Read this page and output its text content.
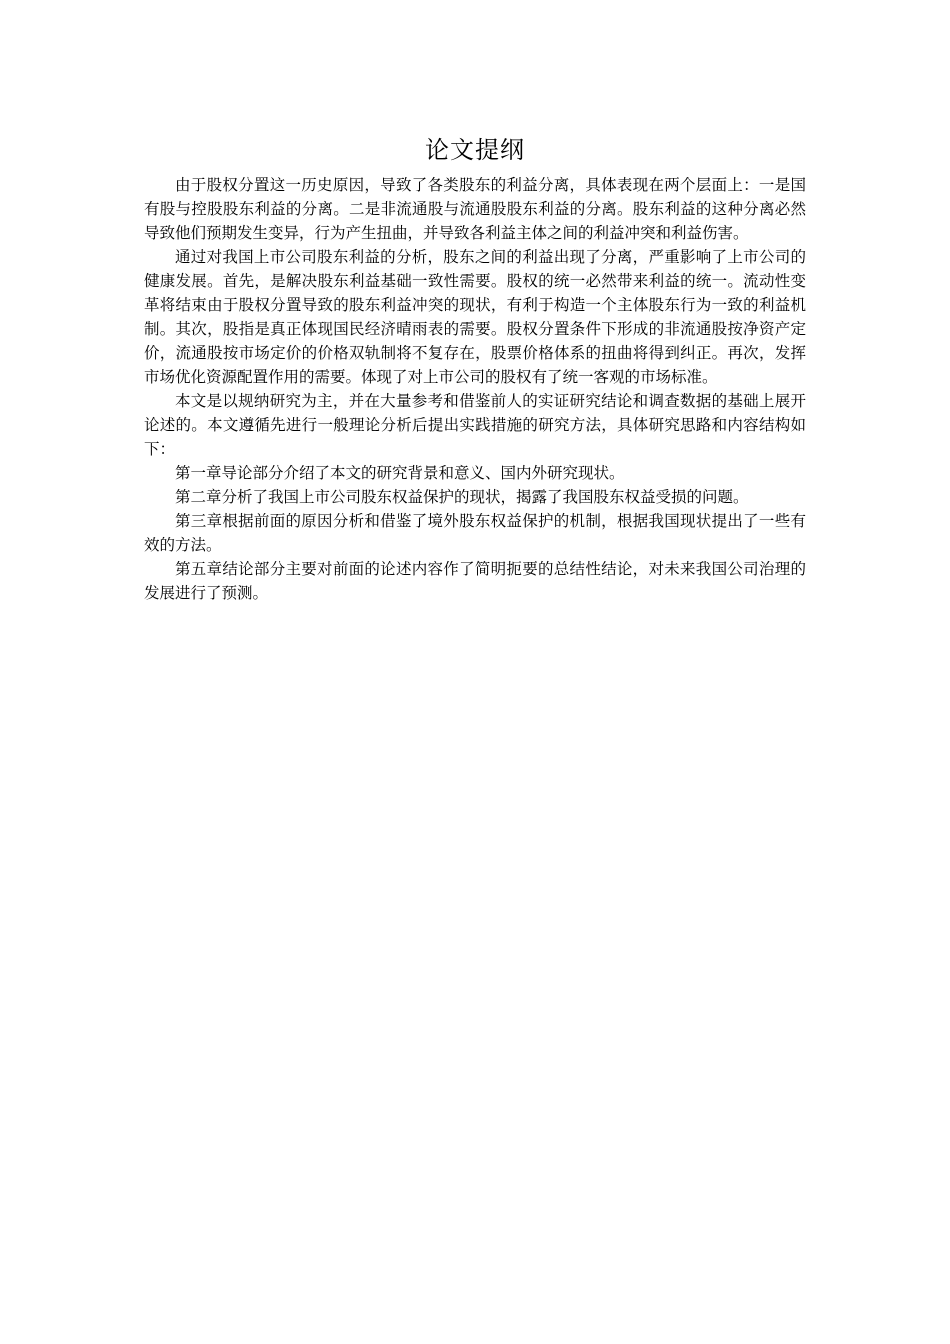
论文提纲

由于股权分置这一历史原因，导致了各类股东的利益分离，具体表现在两个层面上：一是国有股与控股股东利益的分离。二是非流通股与流通股股东利益的分离。股东利益的这种分离必然导致他们预期发生变异，行为产生扭曲，并导致各利益主体之间的利益冲突和利益伤害。

通过对我国上市公司股东利益的分析，股东之间的利益出现了分离，严重影响了上市公司的健康发展。首先，是解决股东利益基础一致性需要。股权的统一必然带来利益的统一。流动性变革将结束由于股权分置导致的股东利益冲突的现状，有利于构造一个主体股东行为一致的利益机制。其次，股指是真正体现国民经济晴雨表的需要。股权分置条件下形成的非流通股按净资产定价，流通股按市场定价的价格双轨制将不复存在，股票价格体系的扭曲将得到纠正。再次，发挥市场优化资源配置作用的需要。体现了对上市公司的股权有了统一客观的市场标准。

本文是以规纳研究为主，并在大量参考和借鉴前人的实证研究结论和调查数据的基础上展开论述的。本文遵循先进行一般理论分析后提出实践措施的研究方法，具体研究思路和内容结构如下：

第一章导论部分介绍了本文的研究背景和意义、国内外研究现状。

第二章分析了我国上市公司股东权益保护的现状，揭露了我国股东权益受损的问题。

第三章根据前面的原因分析和借鉴了境外股东权益保护的机制，根据我国现状提出了一些有效的方法。

第五章结论部分主要对前面的论述内容作了简明扼要的总结性结论，对未来我国公司治理的发展进行了预测。
